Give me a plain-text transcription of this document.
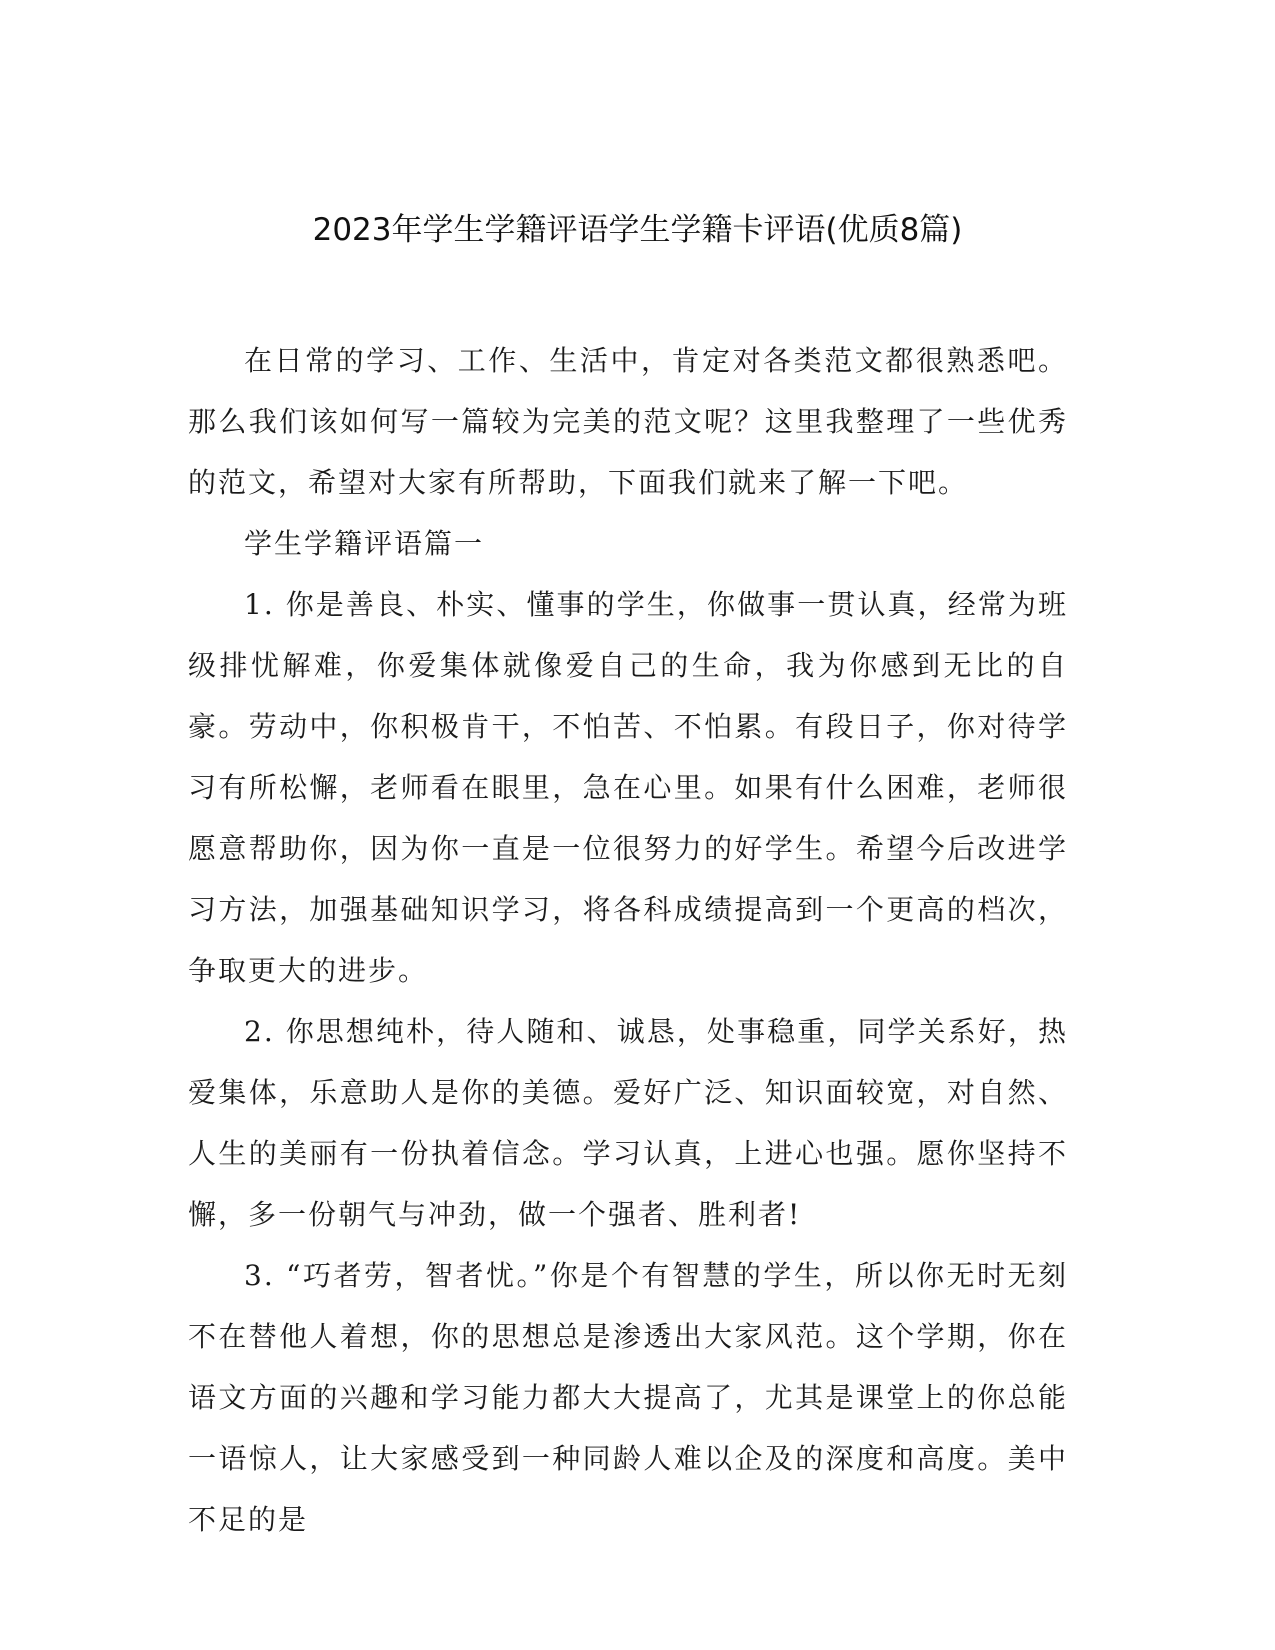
2023年学生学籍评语学生学籍卡评语(优质8篇)

在日常的学习、工作、生活中，肯定对各类范文都很熟悉吧。那么我们该如何写一篇较为完美的范文呢？这里我整理了一些优秀的范文，希望对大家有所帮助，下面我们就来了解一下吧。

学生学籍评语篇一

1. 你是善良、朴实、懂事的学生，你做事一贯认真，经常为班级排忧解难，你爱集体就像爱自己的生命，我为你感到无比的自豪。劳动中，你积极肯干，不怕苦、不怕累。有段日子，你对待学习有所松懈，老师看在眼里，急在心里。如果有什么困难，老师很愿意帮助你，因为你一直是一位很努力的好学生。希望今后改进学习方法，加强基础知识学习，将各科成绩提高到一个更高的档次，争取更大的进步。

2. 你思想纯朴，待人随和、诚恳，处事稳重，同学关系好，热爱集体，乐意助人是你的美德。爱好广泛、知识面较宽，对自然、人生的美丽有一份执着信念。学习认真，上进心也强。愿你坚持不懈，多一份朝气与冲劲，做一个强者、胜利者!

3. “巧者劳，智者忧。”你是个有智慧的学生，所以你无时无刻不在替他人着想，你的思想总是渗透出大家风范。这个学期，你在语文方面的兴趣和学习能力都大大提高了，尤其是课堂上的你总能一语惊人，让大家感受到一种同龄人难以企及的深度和高度。美中不足的是
